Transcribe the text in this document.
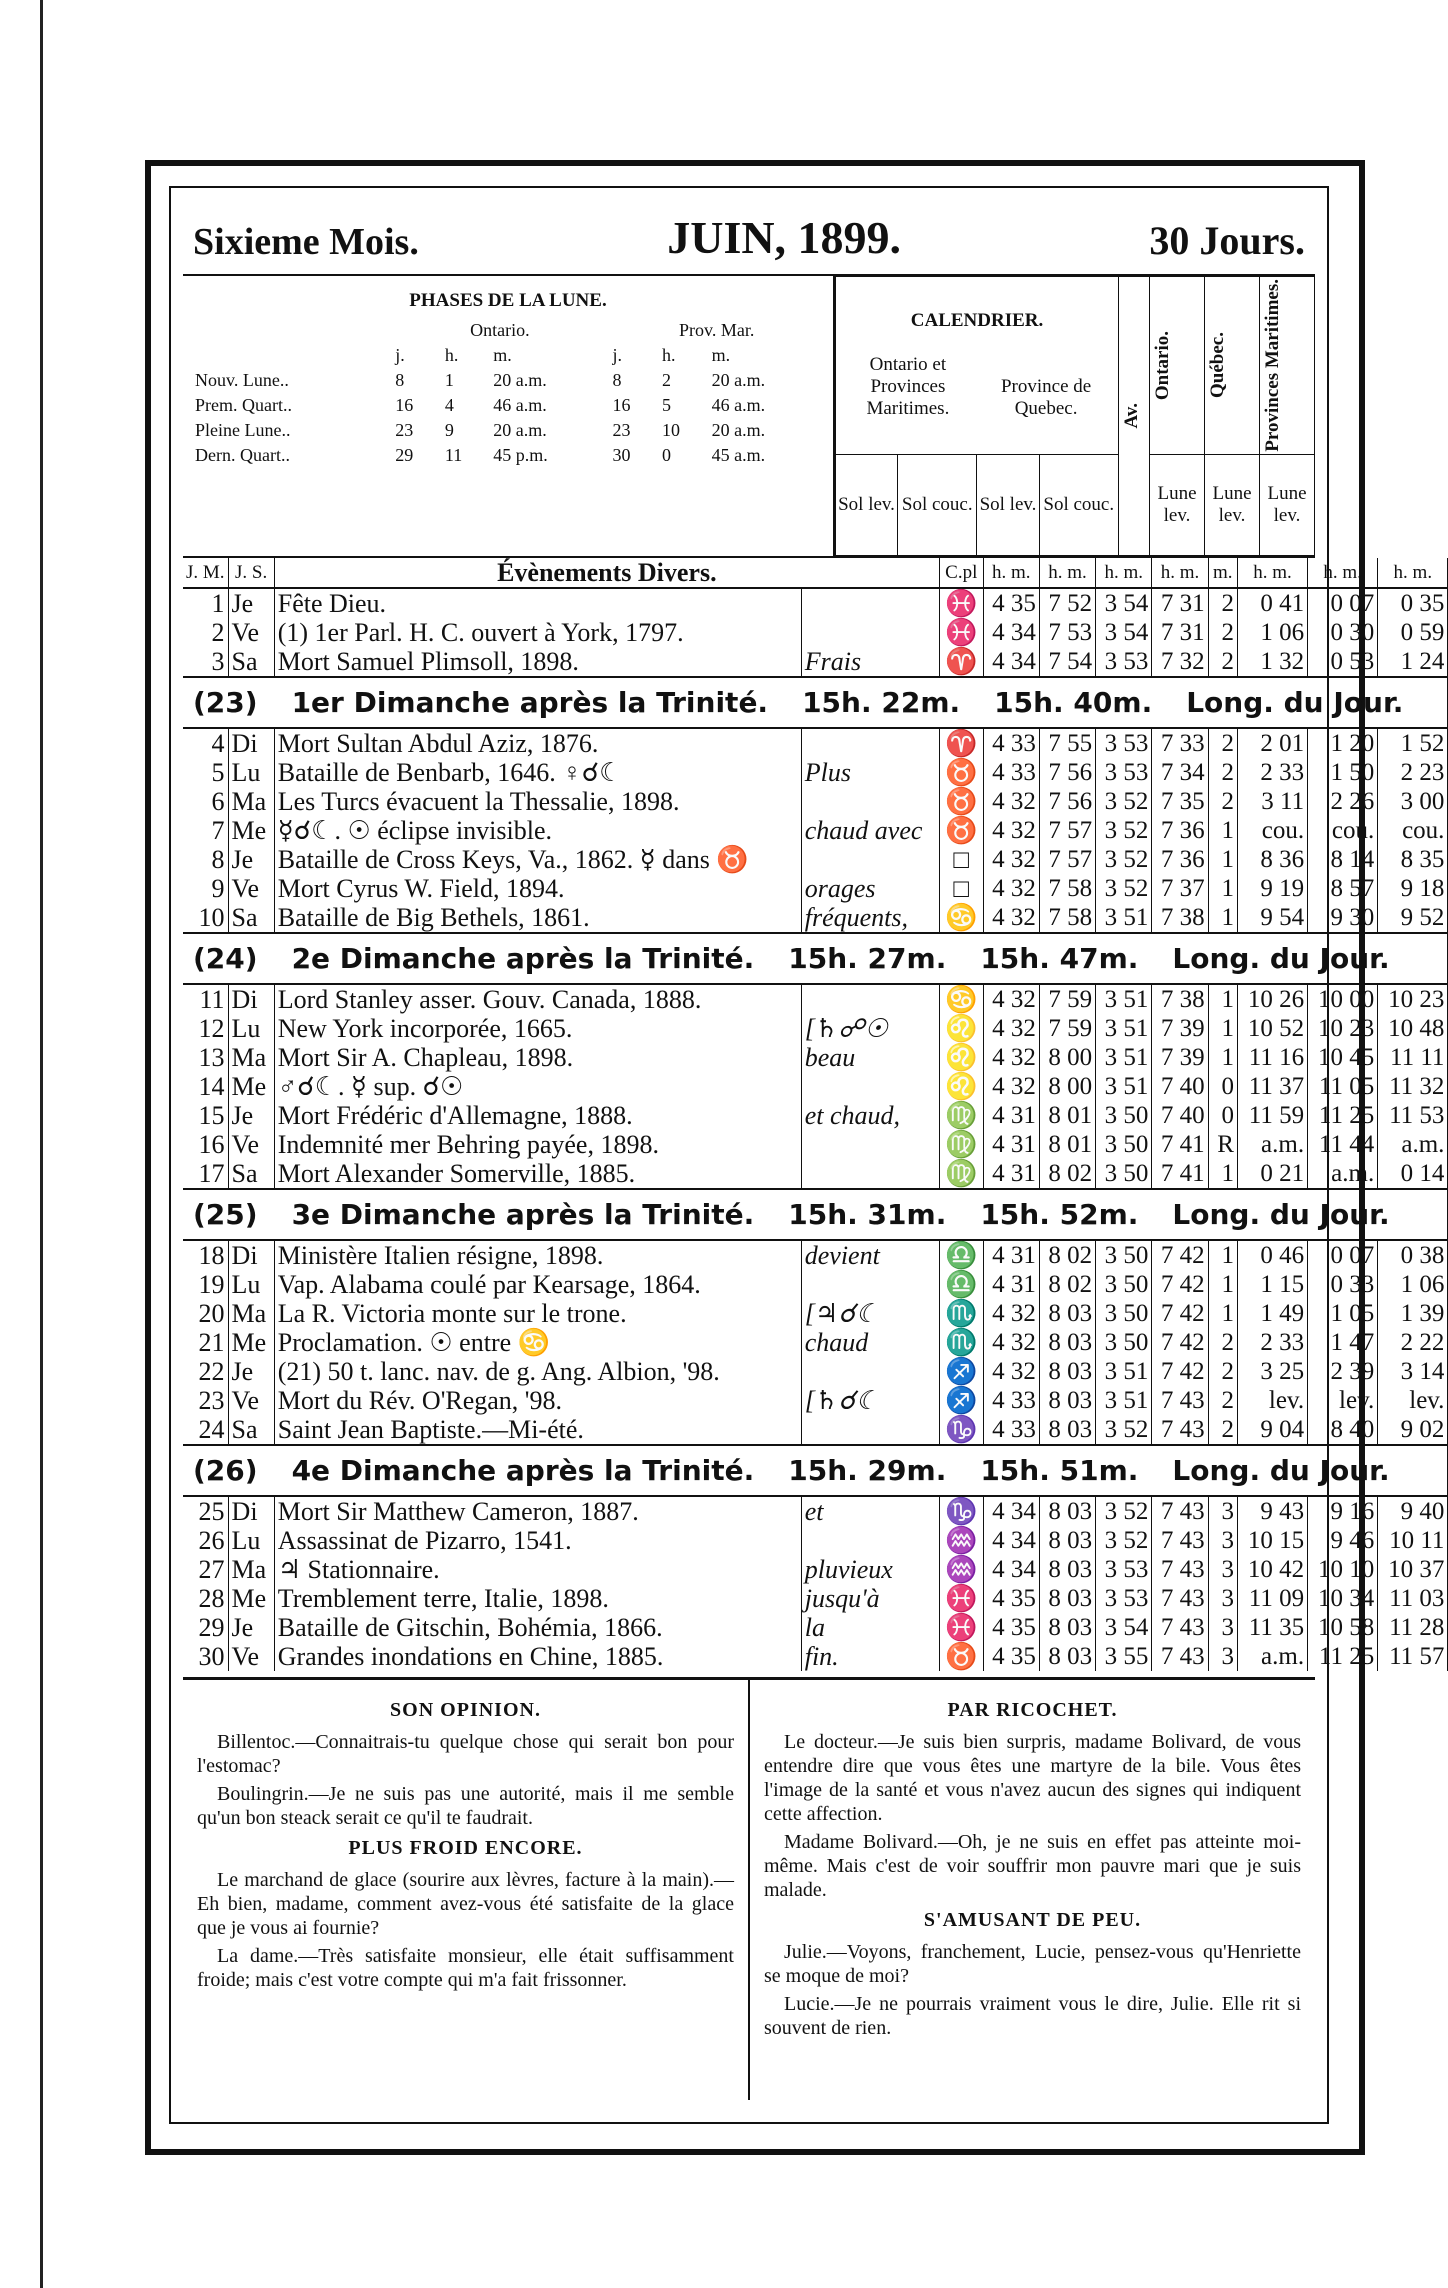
Sixieme Mois.	JUIN, 1899.	30 Jours.
PHASES DE LA LUNE.
	Ontario.			Prov. Mar.		
	j.	h.	m.	j.	h.	m.
Nouv. Lune..	8	1	20 a.m.	8	2	20 a.m.
Prem. Quart..	16	4	46 a.m.	16	5	46 a.m.
Pleine Lune..	23	9	20 a.m.	23	10	20 a.m.
Dern. Quart..	29	11	45 p.m.	30	0	45 a.m.
CALENDRIER.

Ontario et Provinces Maritimes. Province de Quebec.				Av.	Ontario.	Québec.	Provinces Maritimes.

Sol lev.	Sol couc.	Sol lev.	Sol couc.		Lune lev.	Lune lev.	Lune lev.
J. M.	J. S.	Évènements Divers.		C.pl	h. m.	h. m.	h. m.	h. m.	m.	h. m.	h. m.	h. m.
1	Je	Fête Dieu.		♓	4 35	7 52	3 54	7 31	2	0 41	0 07	0 35
2	Ve	(1) 1er Parl. H. C. ouvert à York, 1797.		♓	4 34	7 53	3 54	7 31	2	1 06	0 30	0 59
3	Sa	Mort Samuel Plimsoll, 1898.	Frais	♈	4 34	7 54	3 53	7 32	2	1 32	0 53	1 24
(23) 1er Dimanche après la Trinité. 15h. 22m. 15h. 40m. Long. du Jour.												
4	Di	Mort Sultan Abdul Aziz, 1876.		♈	4 33	7 55	3 53	7 33	2	2 01	1 20	1 52
5	Lu	Bataille de Benbarb, 1646. ♀☌☾	Plus	♉	4 33	7 56	3 53	7 34	2	2 33	1 50	2 23
6	Ma	Les Turcs évacuent la Thessalie, 1898.		♉	4 32	7 56	3 52	7 35	2	3 11	2 26	3 00
7	Me	☿☌☾. ☉ éclipse invisible.	chaud avec	♉	4 32	7 57	3 52	7 36	1	cou.	cou.	cou.
8	Je	Bataille de Cross Keys, Va., 1862. ☿ dans ♉		□	4 32	7 57	3 52	7 36	1	8 36	8 14	8 35
9	Ve	Mort Cyrus W. Field, 1894.	orages	□	4 32	7 58	3 52	7 37	1	9 19	8 57	9 18
10	Sa	Bataille de Big Bethels, 1861.	fréquents,	♋	4 32	7 58	3 51	7 38	1	9 54	9 30	9 52
(24) 2e Dimanche après la Trinité. 15h. 27m. 15h. 47m. Long. du Jour.												
11	Di	Lord Stanley asser. Gouv. Canada, 1888.		♋	4 32	7 59	3 51	7 38	1	10 26	10 00	10 23
12	Lu	New York incorporée, 1665.	[♄☍☉	♌	4 32	7 59	3 51	7 39	1	10 52	10 23	10 48
13	Ma	Mort Sir A. Chapleau, 1898.	beau	♌	4 32	8 00	3 51	7 39	1	11 16	10 45	11 11
14	Me	♂☌☾. ☿ sup. ☌☉		♌	4 32	8 00	3 51	7 40	0	11 37	11 05	11 32
15	Je	Mort Frédéric d'Allemagne, 1888.	et chaud,	♍	4 31	8 01	3 50	7 40	0	11 59	11 25	11 53
16	Ve	Indemnité mer Behring payée, 1898.		♍	4 31	8 01	3 50	7 41	R	a.m.	11 44	a.m.
17	Sa	Mort Alexander Somerville, 1885.		♍	4 31	8 02	3 50	7 41	1	0 21	a.m.	0 14
(25) 3e Dimanche après la Trinité. 15h. 31m. 15h. 52m. Long. du Jour.												
18	Di	Ministère Italien résigne, 1898.	devient	♎	4 31	8 02	3 50	7 42	1	0 46	0 07	0 38
19	Lu	Vap. Alabama coulé par Kearsage, 1864.		♎	4 31	8 02	3 50	7 42	1	1 15	0 33	1 06
20	Ma	La R. Victoria monte sur le trone.	[♃☌☾	♏	4 32	8 03	3 50	7 42	1	1 49	1 05	1 39
21	Me	Proclamation. ☉ entre ♋	chaud	♏	4 32	8 03	3 50	7 42	2	2 33	1 47	2 22
22	Je	(21) 50 t. lanc. nav. de g. Ang. Albion, '98.		♐	4 32	8 03	3 51	7 42	2	3 25	2 39	3 14
23	Ve	Mort du Rév. O'Regan, '98.	[♄☌☾	♐	4 33	8 03	3 51	7 43	2	lev.	lev.	lev.
24	Sa	Saint Jean Baptiste.—Mi-été.		♑	4 33	8 03	3 52	7 43	2	9 04	8 40	9 02
(26) 4e Dimanche après la Trinité. 15h. 29m. 15h. 51m. Long. du Jour.												
25	Di	Mort Sir Matthew Cameron, 1887.	et	♑	4 34	8 03	3 52	7 43	3	9 43	9 16	9 40
26	Lu	Assassinat de Pizarro, 1541.		♒	4 34	8 03	3 52	7 43	3	10 15	9 46	10 11
27	Ma	♃ Stationnaire.	pluvieux	♒	4 34	8 03	3 53	7 43	3	10 42	10 10	10 37
28	Me	Tremblement terre, Italie, 1898.	jusqu'à	♓	4 35	8 03	3 53	7 43	3	11 09	10 34	11 03
29	Je	Bataille de Gitschin, Bohémia, 1866.	la	♓	4 35	8 03	3 54	7 43	3	11 35	10 58	11 28
30	Ve	Grandes inondations en Chine, 1885.	fin.	♉	4 35	8 03	3 55	7 43	3	a.m.	11 25	11 57
SON OPINION.

Billentoc.—Connaitrais-tu quelque chose qui serait bon pour l'estomac?

Boulingrin.—Je ne suis pas une autorité, mais il me semble qu'un bon steack serait ce qu'il te faudrait.

PLUS FROID ENCORE.

Le marchand de glace (sourire aux lèvres, facture à la main).—Eh bien, madame, comment avez-vous été satisfaite de la glace que je vous ai fournie?

La dame.—Très satisfaite monsieur, elle était suffisamment froide; mais c'est votre compte qui m'a fait frissonner.

PAR RICOCHET.

Le docteur.—Je suis bien surpris, madame Bolivard, de vous entendre dire que vous êtes une martyre de la bile. Vous êtes l'image de la santé et vous n'avez aucun des signes qui indiquent cette affection.

Madame Bolivard.—Oh, je ne suis en effet pas atteinte moi-même. Mais c'est de voir souffrir mon pauvre mari que je suis malade.

S'AMUSANT DE PEU.

Julie.—Voyons, franchement, Lucie, pensez-vous qu'Henriette se moque de moi?

Lucie.—Je ne pourrais vraiment vous le dire, Julie. Elle rit si souvent de rien.
